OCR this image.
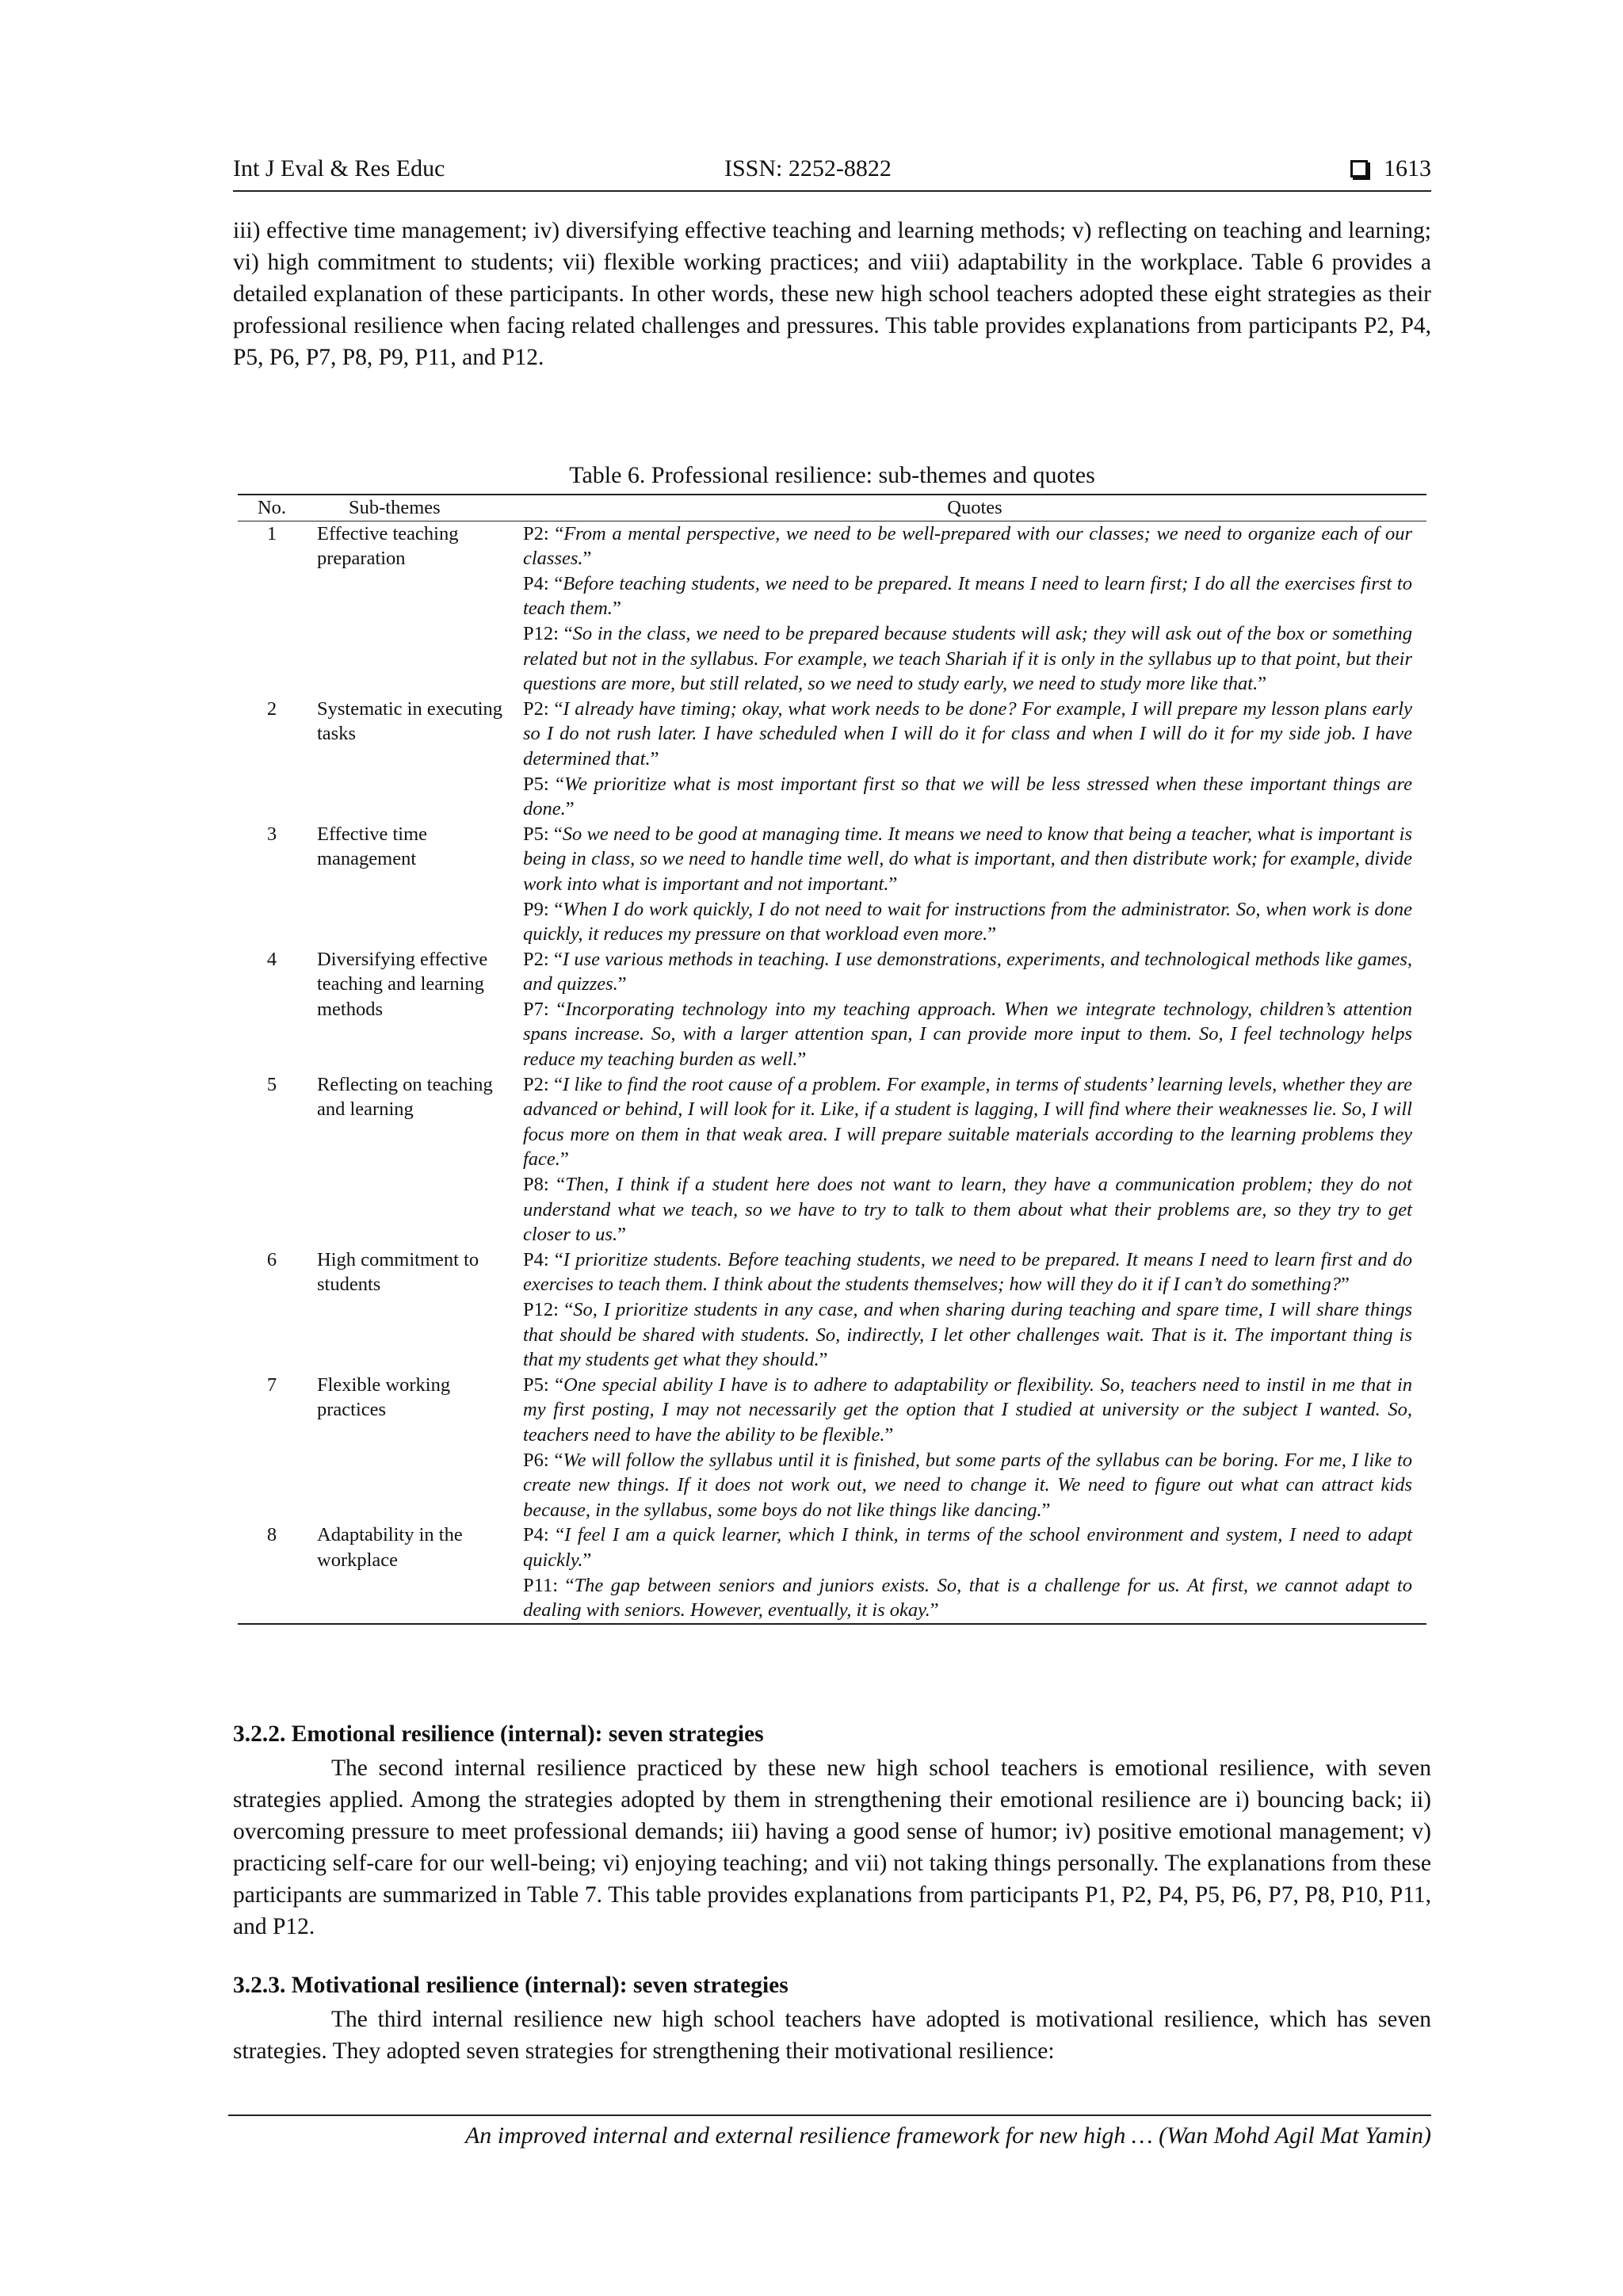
Int J Eval & Res Educ	ISSN: 2252-8822	1613

iii) effective time management; iv) diversifying effective teaching and learning methods; v) reflecting on teaching and learning; vi) high commitment to students; vii) flexible working practices; and viii) adaptability in the workplace. Table 6 provides a detailed explanation of these participants. In other words, these new high school teachers adopted these eight strategies as their professional resilience when facing related challenges and pressures. This table provides explanations from participants P2, P4, P5, P6, P7, P8, P9, P11, and P12.

Table 6. Professional resilience: sub-themes and quotes
No.	Sub-themes	Quotes
1	Effective teaching preparation	P2: “From a mental perspective, we need to be well-prepared with our classes; we need to organize each of our classes.”

P4: “Before teaching students, we need to be prepared. It means I need to learn first; I do all the exercises first to teach them.”

P12: “So in the class, we need to be prepared because students will ask; they will ask out of the box or something related but not in the syllabus. For example, we teach Shariah if it is only in the syllabus up to that point, but their questions are more, but still related, so we need to study early, we need to study more like that.”

2	Systematic in executing tasks	P2: “I already have timing; okay, what work needs to be done? For example, I will prepare my lesson plans early so I do not rush later. I have scheduled when I will do it for class and when I will do it for my side job. I have determined that.”

P5: “We prioritize what is most important first so that we will be less stressed when these important things are done.”

3	Effective time management	P5: “So we need to be good at managing time. It means we need to know that being a teacher, what is important is being in class, so we need to handle time well, do what is important, and then distribute work; for example, divide work into what is important and not important.”

P9: “When I do work quickly, I do not need to wait for instructions from the administrator. So, when work is done quickly, it reduces my pressure on that workload even more.”

4	Diversifying effective teaching and learning methods	P2: “I use various methods in teaching. I use demonstrations, experiments, and technological methods like games, and quizzes.”

P7: “Incorporating technology into my teaching approach. When we integrate technology, children’s attention spans increase. So, with a larger attention span, I can provide more input to them. So, I feel technology helps reduce my teaching burden as well.”

5	Reflecting on teaching and learning	P2: “I like to find the root cause of a problem. For example, in terms of students’ learning levels, whether they are advanced or behind, I will look for it. Like, if a student is lagging, I will find where their weaknesses lie. So, I will focus more on them in that weak area. I will prepare suitable materials according to the learning problems they face.”

P8: “Then, I think if a student here does not want to learn, they have a communication problem; they do not understand what we teach, so we have to try to talk to them about what their problems are, so they try to get closer to us.”

6	High commitment to students	P4: “I prioritize students. Before teaching students, we need to be prepared. It means I need to learn first and do exercises to teach them. I think about the students themselves; how will they do it if I can’t do something?”

P12: “So, I prioritize students in any case, and when sharing during teaching and spare time, I will share things that should be shared with students. So, indirectly, I let other challenges wait. That is it. The important thing is that my students get what they should.”

7	Flexible working practices	P5: “One special ability I have is to adhere to adaptability or flexibility. So, teachers need to instil in me that in my first posting, I may not necessarily get the option that I studied at university or the subject I wanted. So, teachers need to have the ability to be flexible.”

P6: “We will follow the syllabus until it is finished, but some parts of the syllabus can be boring. For me, I like to create new things. If it does not work out, we need to change it. We need to figure out what can attract kids because, in the syllabus, some boys do not like things like dancing.”

8	Adaptability in the workplace	P4: “I feel I am a quick learner, which I think, in terms of the school environment and system, I need to adapt quickly.”

P11: “The gap between seniors and juniors exists. So, that is a challenge for us. At first, we cannot adapt to dealing with seniors. However, eventually, it is okay.”

3.2.2. Emotional resilience (internal): seven strategies

The second internal resilience practiced by these new high school teachers is emotional resilience, with seven strategies applied. Among the strategies adopted by them in strengthening their emotional resilience are i) bouncing back; ii) overcoming pressure to meet professional demands; iii) having a good sense of humor; iv) positive emotional management; v) practicing self-care for our well-being; vi) enjoying teaching; and vii) not taking things personally. The explanations from these participants are summarized in Table 7. This table provides explanations from participants P1, P2, P4, P5, P6, P7, P8, P10, P11, and P12.

3.2.3. Motivational resilience (internal): seven strategies

The third internal resilience new high school teachers have adopted is motivational resilience, which has seven strategies. They adopted seven strategies for strengthening their motivational resilience:

An improved internal and external resilience framework for new high … (Wan Mohd Agil Mat Yamin)
